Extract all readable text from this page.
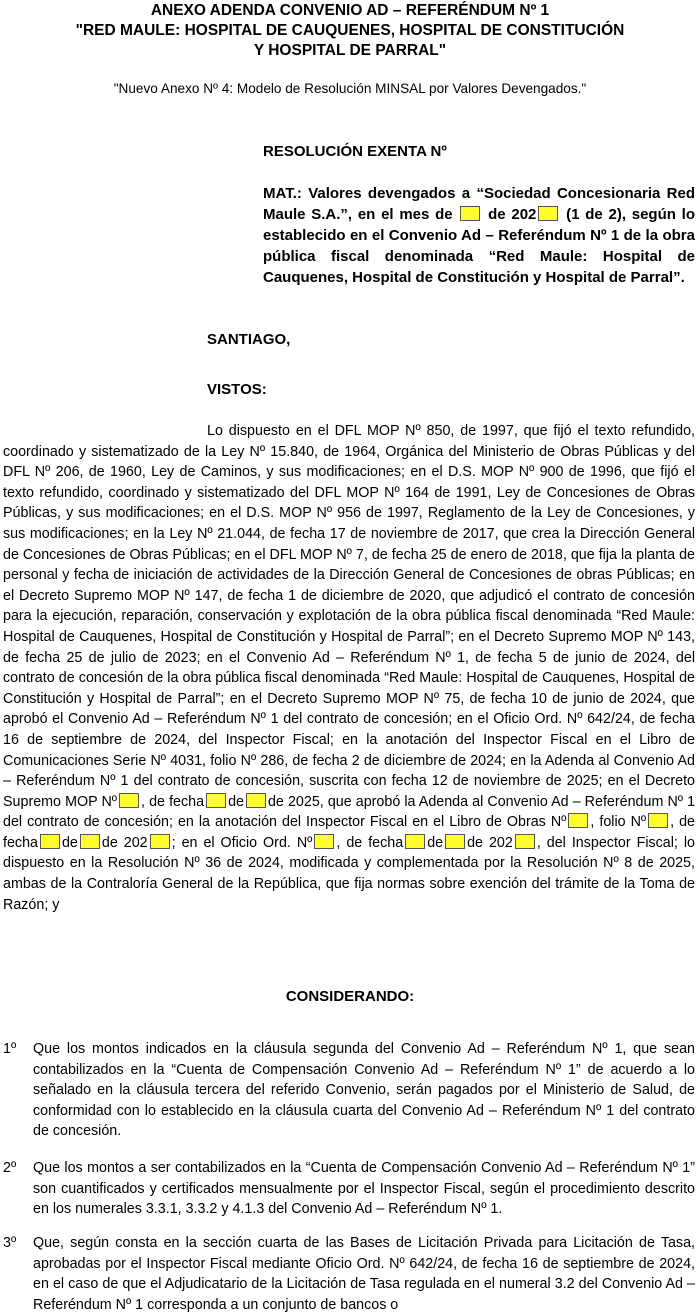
ANEXO ADENDA CONVENIO AD – REFERÉNDUM Nº 1
"RED MAULE: HOSPITAL DE CAUQUENES, HOSPITAL DE CONSTITUCIÓN
Y HOSPITAL DE PARRAL"
"Nuevo Anexo Nº 4: Modelo de Resolución MINSAL por Valores Devengados."
RESOLUCIÓN EXENTA Nº
MAT.: Valores devengados a “Sociedad Concesionaria Red Maule S.A.”, en el mes de de 202 (1 de 2), según lo establecido en el Convenio Ad – Referéndum Nº 1 de la obra pública fiscal denominada “Red Maule: Hospital de Cauquenes, Hospital de Constitución y Hospital de Parral”.
SANTIAGO,
VISTOS:
Lo dispuesto en el DFL MOP Nº 850, de 1997, que fijó el texto refundido, coordinado y sistematizado de la Ley Nº 15.840, de 1964, Orgánica del Ministerio de Obras Públicas y del DFL Nº 206, de 1960, Ley de Caminos, y sus modificaciones; en el D.S. MOP Nº 900 de 1996, que fijó el texto refundido, coordinado y sistematizado del DFL MOP Nº 164 de 1991, Ley de Concesiones de Obras Públicas, y sus modificaciones; en el D.S. MOP Nº 956 de 1997, Reglamento de la Ley de Concesiones, y sus modificaciones; en la Ley Nº 21.044, de fecha 17 de noviembre de 2017, que crea la Dirección General de Concesiones de Obras Públicas; en el DFL MOP Nº 7, de fecha 25 de enero de 2018, que fija la planta de personal y fecha de iniciación de actividades de la Dirección General de Concesiones de obras Públicas; en el Decreto Supremo MOP Nº 147, de fecha 1 de diciembre de 2020, que adjudicó el contrato de concesión para la ejecución, reparación, conservación y explotación de la obra pública fiscal denominada “Red Maule: Hospital de Cauquenes, Hospital de Constitución y Hospital de Parral”; en el Decreto Supremo MOP Nº 143, de fecha 25 de julio de 2023; en el Convenio Ad – Referéndum Nº 1, de fecha 5 de junio de 2024, del contrato de concesión de la obra pública fiscal denominada “Red Maule: Hospital de Cauquenes, Hospital de Constitución y Hospital de Parral”; en el Decreto Supremo MOP Nº 75, de fecha 10 de junio de 2024, que aprobó el Convenio Ad – Referéndum Nº 1 del contrato de concesión; en el Oficio Ord. Nº 642/24, de fecha 16 de septiembre de 2024, del Inspector Fiscal; en la anotación del Inspector Fiscal en el Libro de Comunicaciones Serie Nº 4031, folio Nº 286, de fecha 2 de diciembre de 2024; en la Adenda al Convenio Ad – Referéndum Nº 1 del contrato de concesión, suscrita con fecha 12 de noviembre de 2025; en el Decreto Supremo MOP Nº , de fecha de de 2025, que aprobó la Adenda al Convenio Ad – Referéndum Nº 1 del contrato de concesión; en la anotación del Inspector Fiscal en el Libro de Obras Nº , folio Nº , de fecha de de 202 ; en el Oficio Ord. Nº , de fecha de de 202 , del Inspector Fiscal; lo dispuesto en la Resolución Nº 36 de 2024, modificada y complementada por la Resolución Nº 8 de 2025, ambas de la Contraloría General de la República, que fija normas sobre exención del trámite de la Toma de Razón; y
CONSIDERANDO:
1º Que los montos indicados en la cláusula segunda del Convenio Ad – Referéndum Nº 1, que sean contabilizados en la “Cuenta de Compensación Convenio Ad – Referéndum Nº 1” de acuerdo a lo señalado en la cláusula tercera del referido Convenio, serán pagados por el Ministerio de Salud, de conformidad con lo establecido en la cláusula cuarta del Convenio Ad – Referéndum Nº 1 del contrato de concesión.
2º Que los montos a ser contabilizados en la “Cuenta de Compensación Convenio Ad – Referéndum Nº 1” son cuantificados y certificados mensualmente por el Inspector Fiscal, según el procedimiento descrito en los numerales 3.3.1, 3.3.2 y 4.1.3 del Convenio Ad – Referéndum Nº 1.
3º Que, según consta en la sección cuarta de las Bases de Licitación Privada para Licitación de Tasa, aprobadas por el Inspector Fiscal mediante Oficio Ord. Nº 642/24, de fecha 16 de septiembre de 2024, en el caso de que el Adjudicatario de la Licitación de Tasa regulada en el numeral 3.2 del Convenio Ad – Referéndum Nº 1 corresponda a un conjunto de bancos o
